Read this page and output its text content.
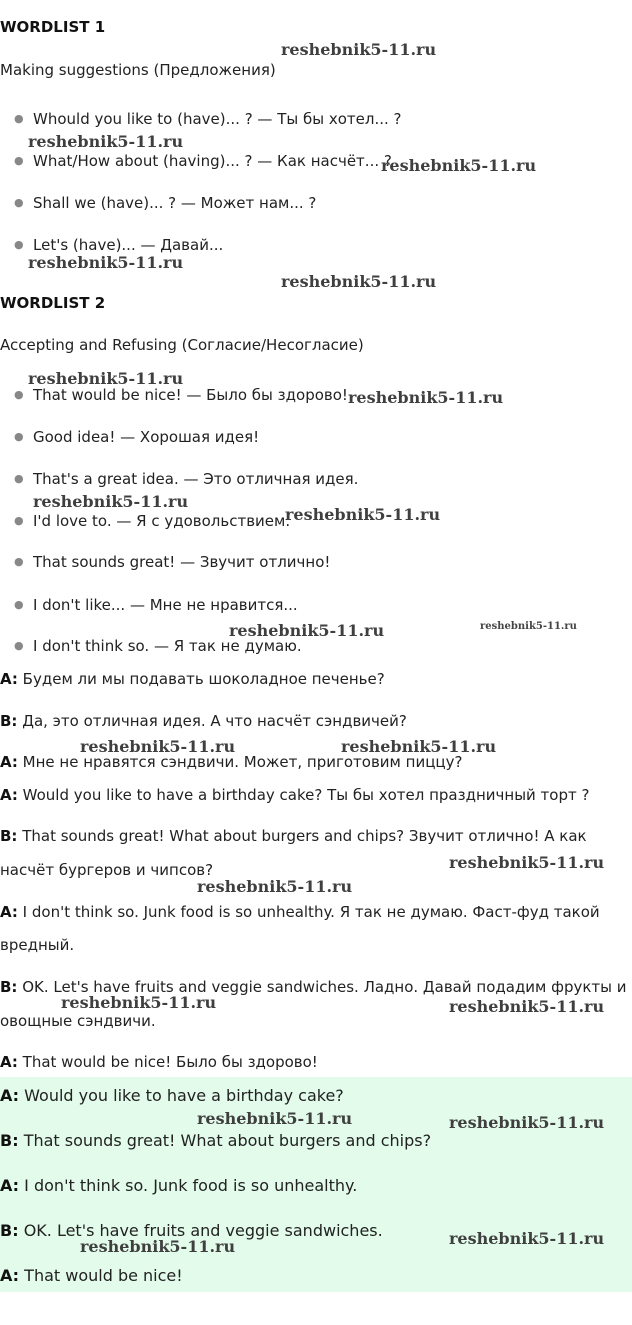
WORDLIST 1
Making suggestions (Предложения)
● Whould you like to (have)... ? — Ты бы хотел... ?
● What/How about (having)... ? — Как насчёт... ?
● Shall we (have)... ? — Может нам... ?
● Let's (have)... — Давай...
WORDLIST 2
Accepting and Refusing (Согласие/Несогласие)
● That would be nice! — Было бы здорово!
● Good idea! — Хорошая идея!
● That's a great idea. — Это отличная идея.
● I'd love to. — Я с удовольствием.
● That sounds great! — Звучит отлично!
● I don't like... — Мне не нравится...
● I don't think so. — Я так не думаю.
A: Будем ли мы подавать шоколадное печенье?
B: Да, это отличная идея. А что насчёт сэндвичей?
A: Мне не нравятся сэндвичи. Может, приготовим пиццу?
A: Would you like to have a birthday cake? Ты бы хотел праздничный торт ?
B: That sounds great! What about burgers and chips? Звучит отлично! А как
насчёт бургеров и чипсов?
A: I don't think so. Junk food is so unhealthy. Я так не думаю. Фаст-фуд такой
вредный.
B: OK. Let's have fruits and veggie sandwiches. Ладно. Давай подадим фрукты и
овощные сэндвичи.
A: That would be nice! Было бы здорово!
A: Would you like to have a birthday cake?
B: That sounds great! What about burgers and chips?
A: I don't think so. Junk food is so unhealthy.
B: OK. Let's have fruits and veggie sandwiches.
A: That would be nice!
reshebnik5-11.ru
reshebnik5-11.ru
reshebnik5-11.ru
reshebnik5-11.ru
reshebnik5-11.ru
reshebnik5-11.ru
reshebnik5-11.ru
reshebnik5-11.ru
reshebnik5-11.ru
reshebnik5-11.ru	reshebnik5-11.ru
reshebnik5-11.ru	reshebnik5-11.ru
reshebnik5-11.ru
reshebnik5-11.ru
reshebnik5-11.ru	reshebnik5-11.ru
reshebnik5-11.ru	reshebnik5-11.ru
reshebnik5-11.ru
reshebnik5-11.ru
